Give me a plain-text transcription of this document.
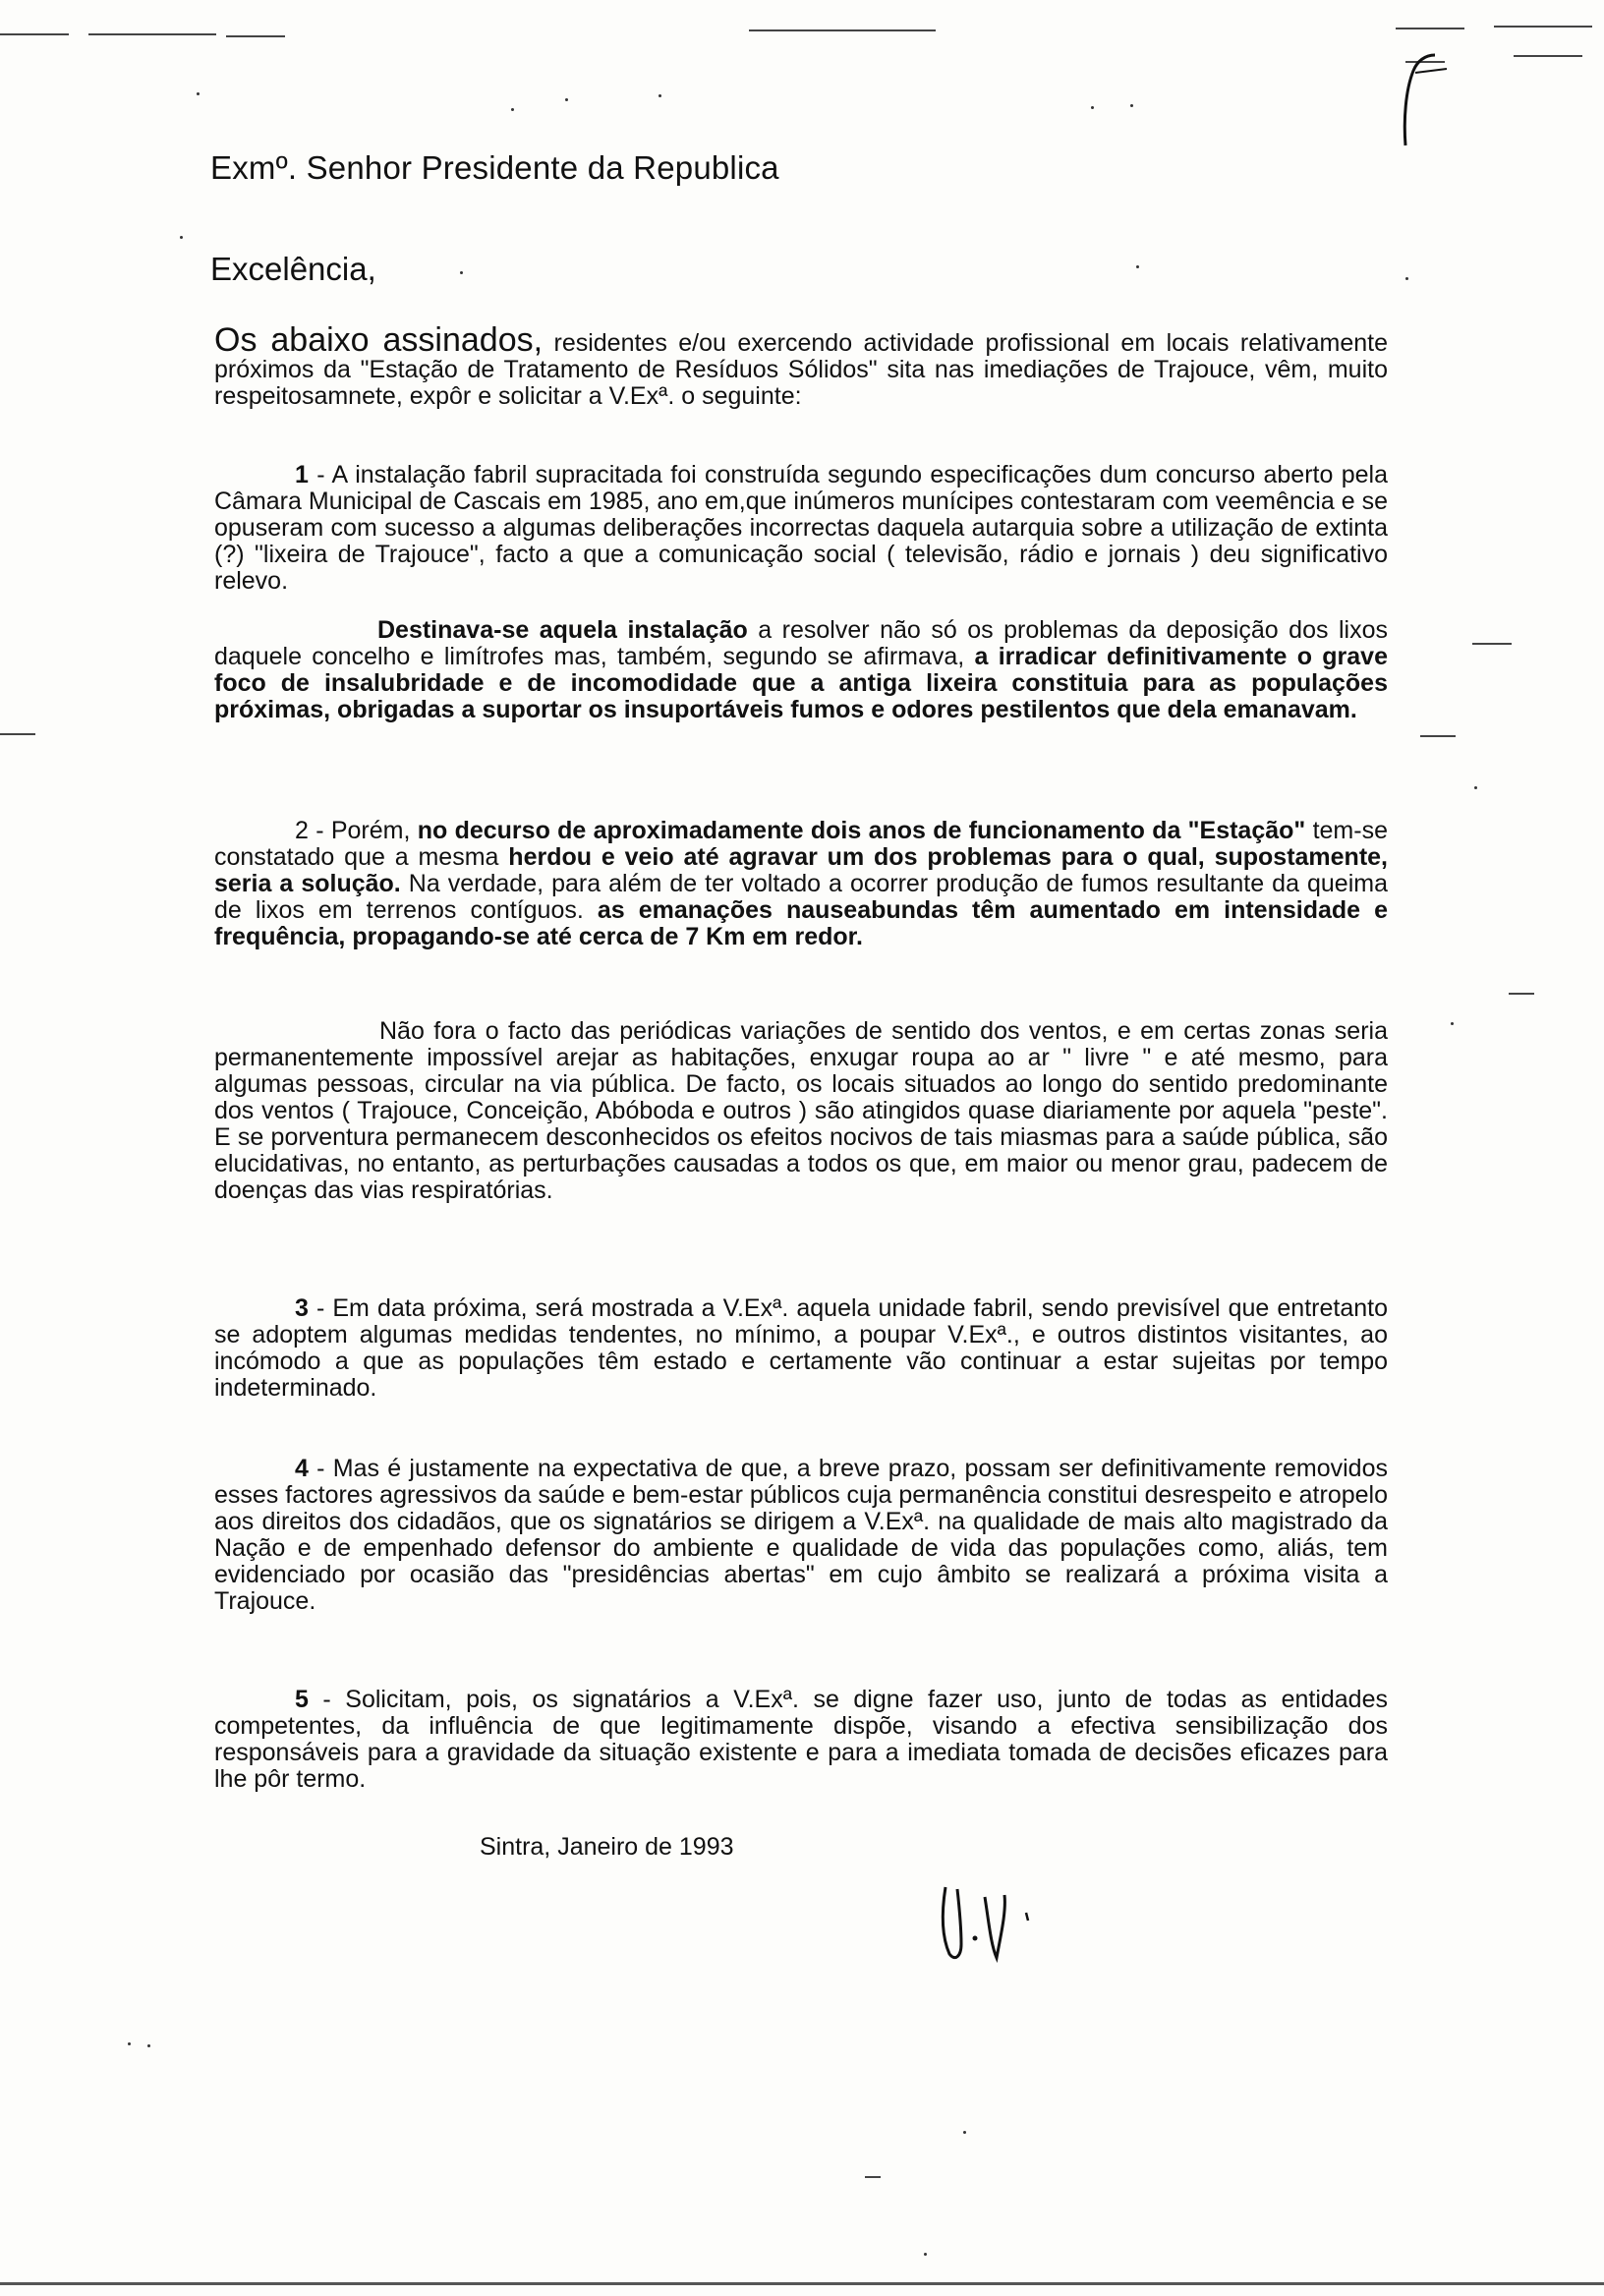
Exmº. Senhor Presidente da Republica
Excelência,
Os abaixo assinados, residentes e/ou exercendo actividade profissional em locais relativamente próximos da "Estação de Tratamento de Resíduos Sólidos" sita nas imediações de Trajouce, vêm, muito respeitosamnete, expôr e solicitar a V.Exª. o seguinte:
1 - A instalação fabril supracitada foi construída segundo especificações dum concurso aberto pela Câmara Municipal de Cascais em 1985, ano em,que inúmeros munícipes contestaram com veemência e se opuseram com sucesso a algumas deliberações incorrectas daquela autarquia sobre a utilização de extinta (?) "lixeira de Trajouce", facto a que a comunicação social ( televisão, rádio e jornais ) deu significativo relevo.
Destinava-se aquela instalação a resolver não só os problemas da deposição dos lixos daquele concelho e limítrofes mas, também, segundo se afirmava, a irradicar definitivamente o grave foco de insalubridade e de incomodidade que a antiga lixeira constituia para as populações próximas, obrigadas a suportar os insuportáveis fumos e odores pestilentos que dela emanavam.
2 - Porém, no decurso de aproximadamente dois anos de funcionamento da "Estação" tem-se constatado que a mesma herdou e veio até agravar um dos problemas para o qual, supostamente, seria a solução. Na verdade, para além de ter voltado a ocorrer produção de fumos resultante da queima de lixos em terrenos contíguos. as emanações nauseabundas têm aumentado em intensidade e frequência, propagando-se até cerca de 7 Km em redor.
Não fora o facto das periódicas variações de sentido dos ventos, e em certas zonas seria permanentemente impossível arejar as habitações, enxugar roupa ao ar " livre " e até mesmo, para algumas pessoas, circular na via pública. De facto, os locais situados ao longo do sentido predominante dos ventos ( Trajouce, Conceição, Abóboda e outros ) são atingidos quase diariamente por aquela "peste". E se porventura permanecem desconhecidos os efeitos nocivos de tais miasmas para a saúde pública, são elucidativas, no entanto, as perturbações causadas a todos os que, em maior ou menor grau, padecem de doenças das vias respiratórias.
3 - Em data próxima, será mostrada a V.Exª. aquela unidade fabril, sendo previsível que entretanto se adoptem algumas medidas tendentes, no mínimo, a poupar V.Exª., e outros distintos visitantes, ao incómodo a que as populações têm estado e certamente vão continuar a estar sujeitas por tempo indeterminado.
4 - Mas é justamente na expectativa de que, a breve prazo, possam ser definitivamente removidos esses factores agressivos da saúde e bem-estar públicos cuja permanência constitui desrespeito e atropelo aos direitos dos cidadãos, que os signatários se dirigem a V.Exª. na qualidade de mais alto magistrado da Nação e de empenhado defensor do ambiente e qualidade de vida das populações como, aliás, tem evidenciado por ocasião das "presidências abertas" em cujo âmbito se realizará a próxima visita a Trajouce.
5 - Solicitam, pois, os signatários a V.Exª. se digne fazer uso, junto de todas as entidades competentes, da influência de que legitimamente dispõe, visando a efectiva sensibilização dos responsáveis para a gravidade da situação existente e para a imediata tomada de decisões eficazes para lhe pôr termo.
Sintra, Janeiro de 1993
